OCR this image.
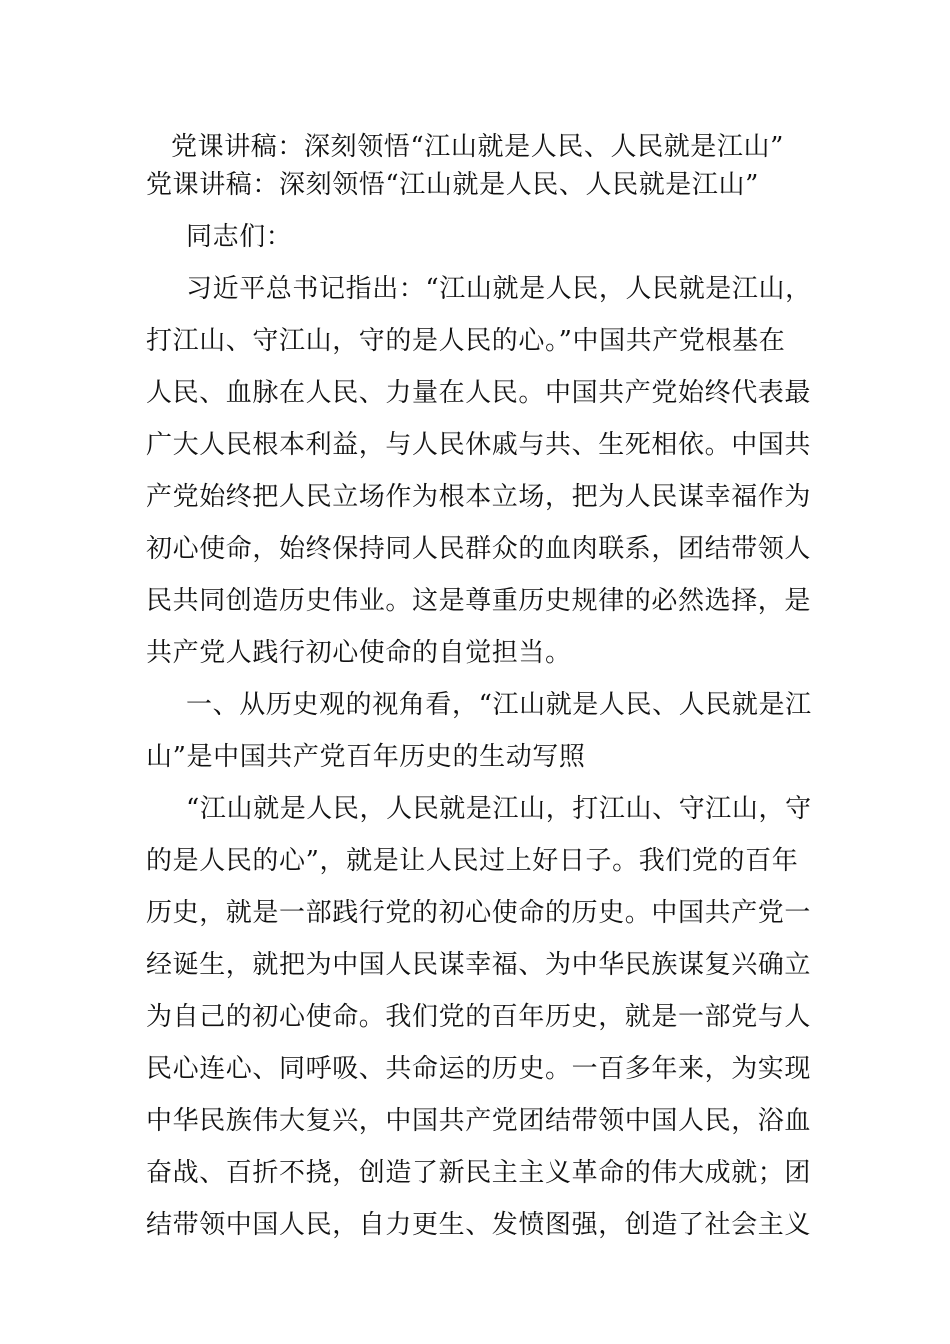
党课讲稿：深刻领悟“江山就是人民、人民就是江山”
党课讲稿：深刻领悟“江山就是人民、人民就是江山”
同志们：
习近平总书记指出：“江山就是人民，人民就是江山，
打江山、守江山，守的是人民的心。”中国共产党根基在
人民、血脉在人民、力量在人民。中国共产党始终代表最
广大人民根本利益，与人民休戚与共、生死相依。中国共
产党始终把人民立场作为根本立场，把为人民谋幸福作为
初心使命，始终保持同人民群众的血肉联系，团结带领人
民共同创造历史伟业。这是尊重历史规律的必然选择，是
共产党人践行初心使命的自觉担当。
一、从历史观的视角看，“江山就是人民、人民就是江
山”是中国共产党百年历史的生动写照
“江山就是人民，人民就是江山，打江山、守江山，守
的是人民的心”，就是让人民过上好日子。我们党的百年
历史，就是一部践行党的初心使命的历史。中国共产党一
经诞生，就把为中国人民谋幸福、为中华民族谋复兴确立
为自己的初心使命。我们党的百年历史，就是一部党与人
民心连心、同呼吸、共命运的历史。一百多年来，为实现
中华民族伟大复兴，中国共产党团结带领中国人民，浴血
奋战、百折不挠，创造了新民主主义革命的伟大成就；团
结带领中国人民，自力更生、发愤图强，创造了社会主义
